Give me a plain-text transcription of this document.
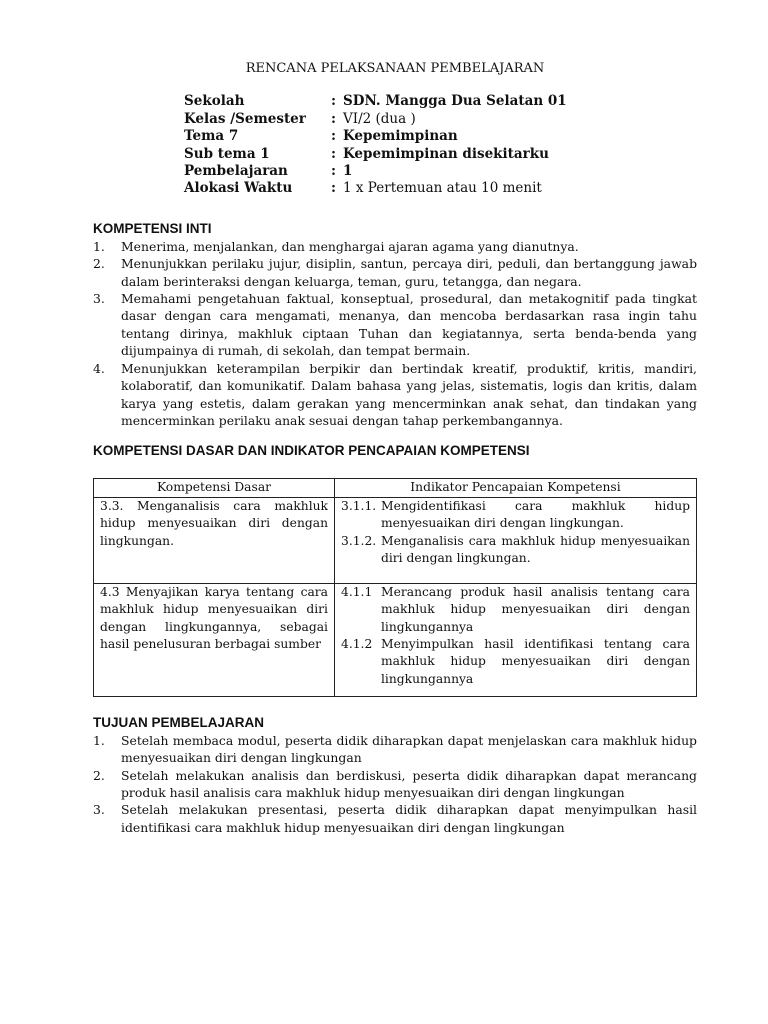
RENCANA PELAKSANAAN PEMBELAJARAN
Sekolah	: SDN. Mangga Dua Selatan 01
Kelas /Semester	: VI/2 (dua )
Tema 7	: Kepemimpinan
Sub tema 1	: Kepemimpinan disekitarku
Pembelajaran	: 1
Alokasi Waktu	: 1 x Pertemuan atau 10 menit
KOMPETENSI INTI
1. Menerima, menjalankan, dan menghargai ajaran agama yang dianutnya.
2. Menunjukkan perilaku jujur, disiplin, santun, percaya diri, peduli, dan bertanggung jawab dalam berinteraksi dengan keluarga, teman, guru, tetangga, dan negara.
3. Memahami pengetahuan faktual, konseptual, prosedural, dan metakognitif pada tingkat dasar dengan cara mengamati, menanya, dan mencoba berdasarkan rasa ingin tahu tentang dirinya, makhluk ciptaan Tuhan dan kegiatannya, serta benda-benda yang dijumpainya di rumah, di sekolah, dan tempat bermain.
4. Menunjukkan keterampilan berpikir dan bertindak kreatif, produktif, kritis, mandiri, kolaboratif, dan komunikatif. Dalam bahasa yang jelas, sistematis, logis dan kritis, dalam karya yang estetis, dalam gerakan yang mencerminkan anak sehat, dan tindakan yang mencerminkan perilaku anak sesuai dengan tahap perkembangannya.
KOMPETENSI DASAR DAN INDIKATOR PENCAPAIAN KOMPETENSI
Kompetensi Dasar	Indikator Pencapaian Kompetensi
3.3. Menganalisis cara makhluk hidup menyesuaikan diri dengan lingkungan.	3.1.1. Mengidentifikasi cara makhluk hidup menyesuaikan diri dengan lingkungan.
3.1.2. Menganalisis cara makhluk hidup menyesuaikan diri dengan lingkungan.

4.3 Menyajikan karya tentang cara makhluk hidup menyesuaikan diri dengan lingkungannya, sebagai hasil penelusuran berbagai sumber	4.1.1 Merancang produk hasil analisis tentang cara makhluk hidup menyesuaikan diri dengan lingkungannya
4.1.2 Menyimpulkan hasil identifikasi tentang cara makhluk hidup menyesuaikan diri dengan lingkungannya
TUJUAN PEMBELAJARAN
1. Setelah membaca modul, peserta didik diharapkan dapat menjelaskan cara makhluk hidup menyesuaikan diri dengan lingkungan
2. Setelah melakukan analisis dan berdiskusi, peserta didik diharapkan dapat merancang produk hasil analisis cara makhluk hidup menyesuaikan diri dengan lingkungan
3. Setelah melakukan presentasi, peserta didik diharapkan dapat menyimpulkan hasil identifikasi cara makhluk hidup menyesuaikan diri dengan lingkungan
